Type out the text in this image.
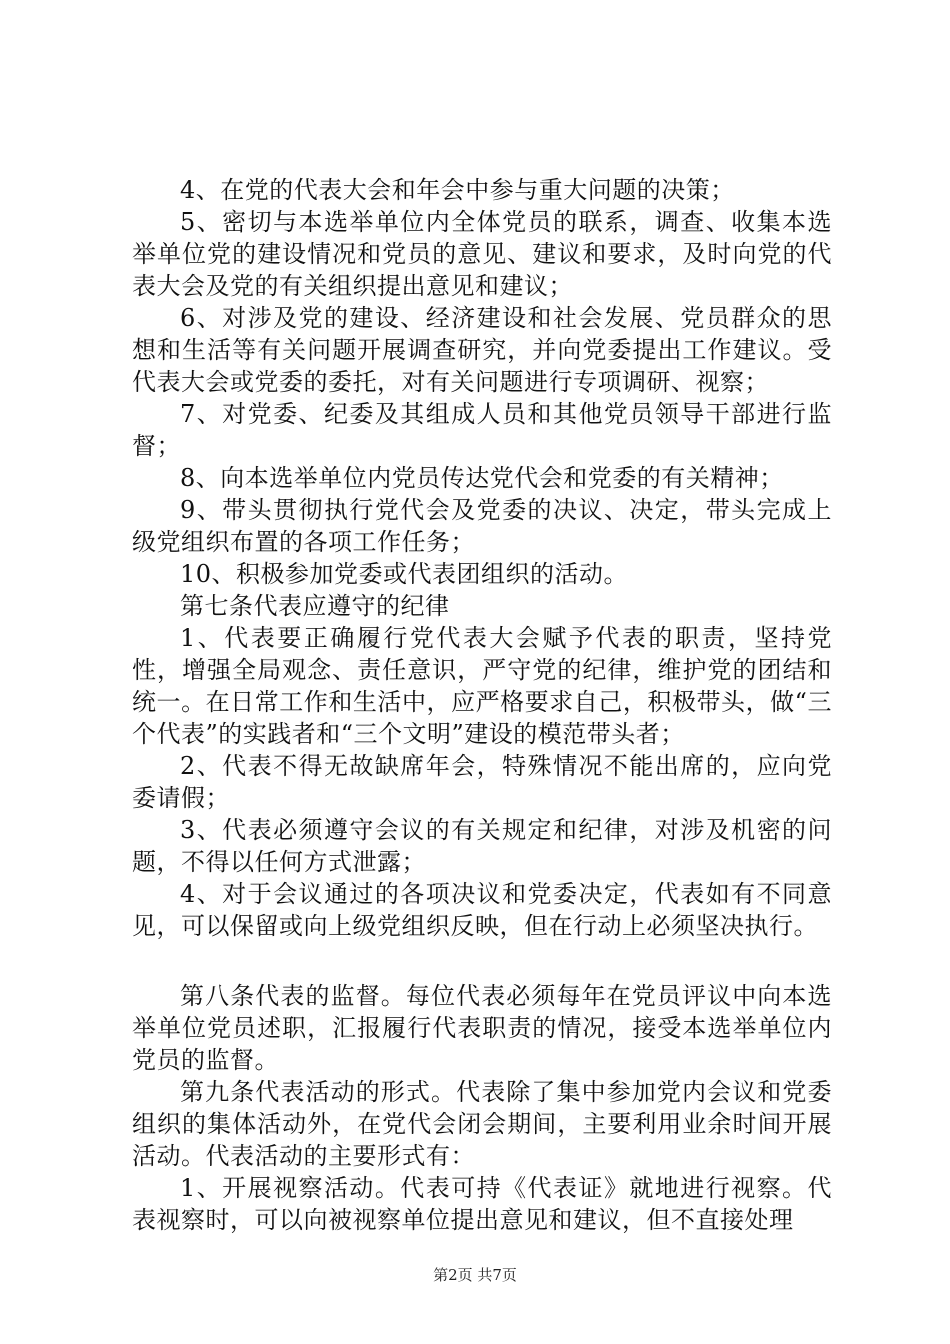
4、在党的代表大会和年会中参与重大问题的决策；

5、密切与本选举单位内全体党员的联系，调查、收集本选举单位党的建设情况和党员的意见、建议和要求，及时向党的代表大会及党的有关组织提出意见和建议；

6、对涉及党的建设、经济建设和社会发展、党员群众的思想和生活等有关问题开展调查研究，并向党委提出工作建议。受代表大会或党委的委托，对有关问题进行专项调研、视察；

7、对党委、纪委及其组成人员和其他党员领导干部进行监督；

8、向本选举单位内党员传达党代会和党委的有关精神；

9、带头贯彻执行党代会及党委的决议、决定，带头完成上级党组织布置的各项工作任务；

10、积极参加党委或代表团组织的活动。

第七条代表应遵守的纪律

1、代表要正确履行党代表大会赋予代表的职责，坚持党性，增强全局观念、责任意识，严守党的纪律，维护党的团结和统一。在日常工作和生活中，应严格要求自己，积极带头，做“三个代表”的实践者和“三个文明”建设的模范带头者；

2、代表不得无故缺席年会，特殊情况不能出席的，应向党委请假；

3、代表必须遵守会议的有关规定和纪律，对涉及机密的问题，不得以任何方式泄露；

4、对于会议通过的各项决议和党委决定，代表如有不同意见，可以保留或向上级党组织反映，但在行动上必须坚决执行。

第八条代表的监督。每位代表必须每年在党员评议中向本选举单位党员述职，汇报履行代表职责的情况，接受本选举单位内党员的监督。

第九条代表活动的形式。代表除了集中参加党内会议和党委组织的集体活动外，在党代会闭会期间，主要利用业余时间开展活动。代表活动的主要形式有：

1、开展视察活动。代表可持《代表证》就地进行视察。代表视察时，可以向被视察单位提出意见和建议，但不直接处理

第2页 共7页
